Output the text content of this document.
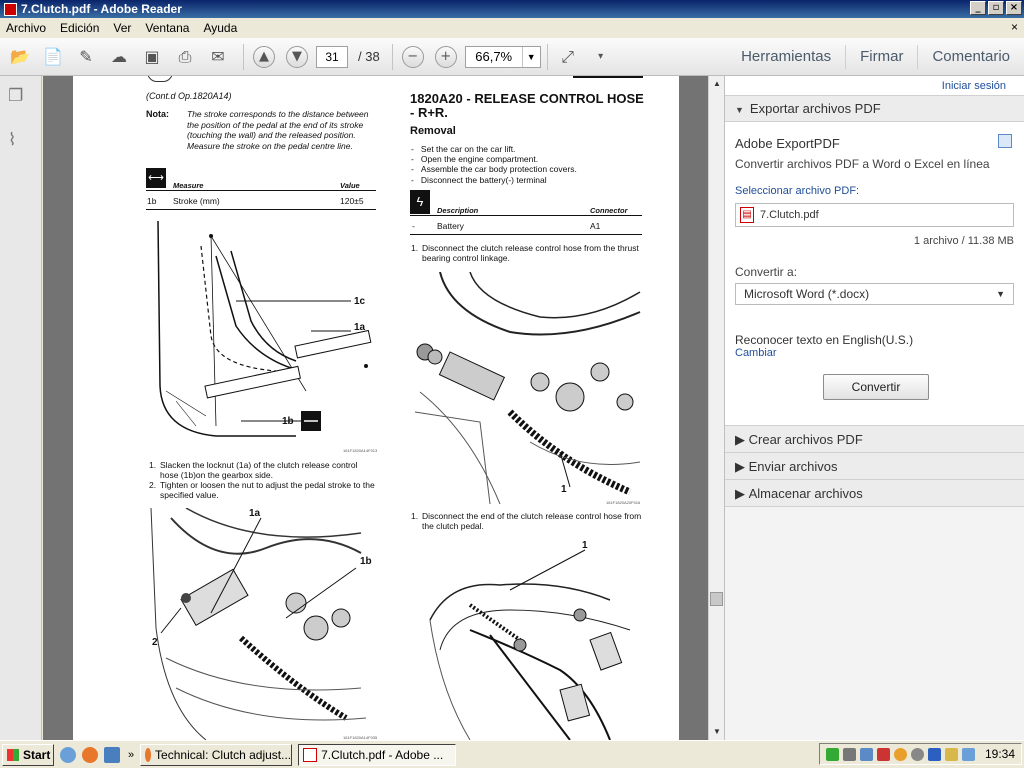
7.Clutch.pdf - Adobe Reader	_	▫	×
Archivo Edición Ver Ventana Ayuda	×
📂 📄	✎	☁	▣	⎙	✉	▲	▼	31	/ 38	−	+	66,7%	▼	⤢	▾	Herramientas	Firmar	Comentario
❐
⌇
(Cont.d Op.1820A14)
Nota: The stroke corresponds to the distance between the position of the pedal at the end of its stroke (touching the wall) and the released position. Measure the stroke on the pedal centre line.
⟷
Measure	Value
1b Stroke (mm)	120±5
1c
1a
1b
161F1820A14F013
1. Slacken the locknut (1a) of the clutch release control hose (1b)on the gearbox side.
2. Tighten or loosen the nut to adjust the pedal stroke to the specified value.
1a
1b
2
161F1820A14F035
1820A20 - RELEASE CONTROL HOSE - R+R.
Removal
-   Set the car on the car lift.
-   Open the engine compartment.
-   Assemble the car body protection covers.
-   Disconnect the battery(-) terminal
ϟ
Description	Connector
-	Battery	A1
1. Disconnect the clutch release control hose from the thrust bearing control linkage.
1
161F1820A20F016
1. Disconnect the end of the clutch release control hose from the clutch pedal.
1
▲
▼
Iniciar sesión
▼ Exportar archivos PDF
Adobe ExportPDF
Convertir archivos PDF a Word o Excel en línea
Seleccionar archivo PDF:
▤ 7.Clutch.pdf
1 archivo / 11.38 MB
Convertir a:
Microsoft Word (*.docx)	▼
Reconocer texto en English(U.S.)
Cambiar
Convertir
▶ Crear archivos PDF
▶ Enviar archivos
▶ Almacenar archivos
Start	» Technical: Clutch adjust...	7.Clutch.pdf - Adobe ...	19:34
